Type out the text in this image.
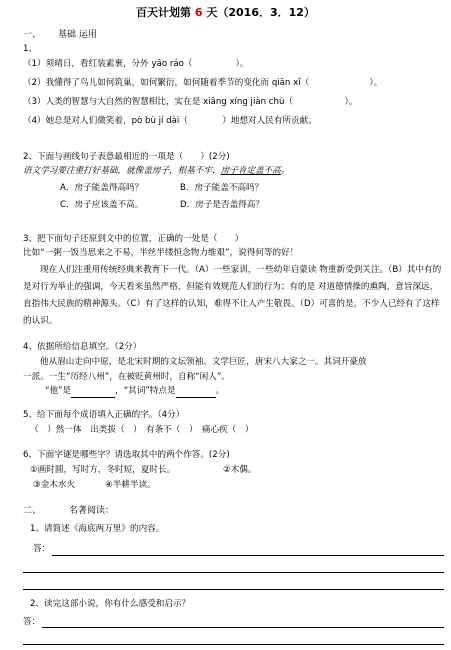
百天计划第 6 天（2016．3．12）
一、 基础 运用
1、
（1）须晴日，看红装素裹，分外 yāo ráo（　　　　　）。
（2）我懂得了鸟儿如何筑巢，如何繁衍，如何随着季节的变化而 qiān xǐ（　　　　　　　）。
（3）人类的智慧与大自然的智慧相比，实在是 xiāng xíng jiàn chù（　　　　　　）。
（4）她总是对人们微笑着，pò bù jí dài（　　　　）地想对人民有所贡献。
2、下面与画线句子表意最相近的一项是（　　）(2分)
语文学习要注重打好基础，就像盖房子，根基不牢，房子肯定盖不高。
A．房子能盖得高吗？	B．房子能盖不高吗？
C．房子应该盖不高。	D．房子是否盖得高？
3、把下面句子还原到文中的位置，正确的一处是（　　）
比如“一粥一饭当思来之不易，半丝半缕恒念物力维艰”，说得何等的好！
现在人们注重用传统经典来教育下一代。（A）一些家训，一些幼年启蒙读 物重新受到关注。（B）其中有的是对行为举止的强调，今天看来虽然严格，但能有效规范人们的行为；有的是 对道德情操的熏陶，意旨深远，直指伟大民族的精神源头。（C）有了这样的认知，难得不让人产生敬畏。（D）可喜的是，不少人已经有了这样的认识。
4、依据所给信息填空。（2分）
他从眉山走向中原，是北宋时期的文坛领袖、文学巨匠，唐宋八大家之一。其词开豪放
一派。一生“历经八州”，在被贬黄州时，自称“闲人”。
“他”是	，“其词”特点是	。
5、给下面每个成语填入正确的字。（4分）
（　）然一体　出类拔（　）　有条不（　）　痛心疾（　）
6、下面字谜是哪些字？请选取其中的两个作答。(2分)
①画时圆，写时方，冬时短，夏时长。	②木偶。
③金木水火	④半耕半读。
二、	名著阅读：
1、请简述《海底两万里》的内容。
答：
2、读完这部小说，你有什么感受和启示？
答：
